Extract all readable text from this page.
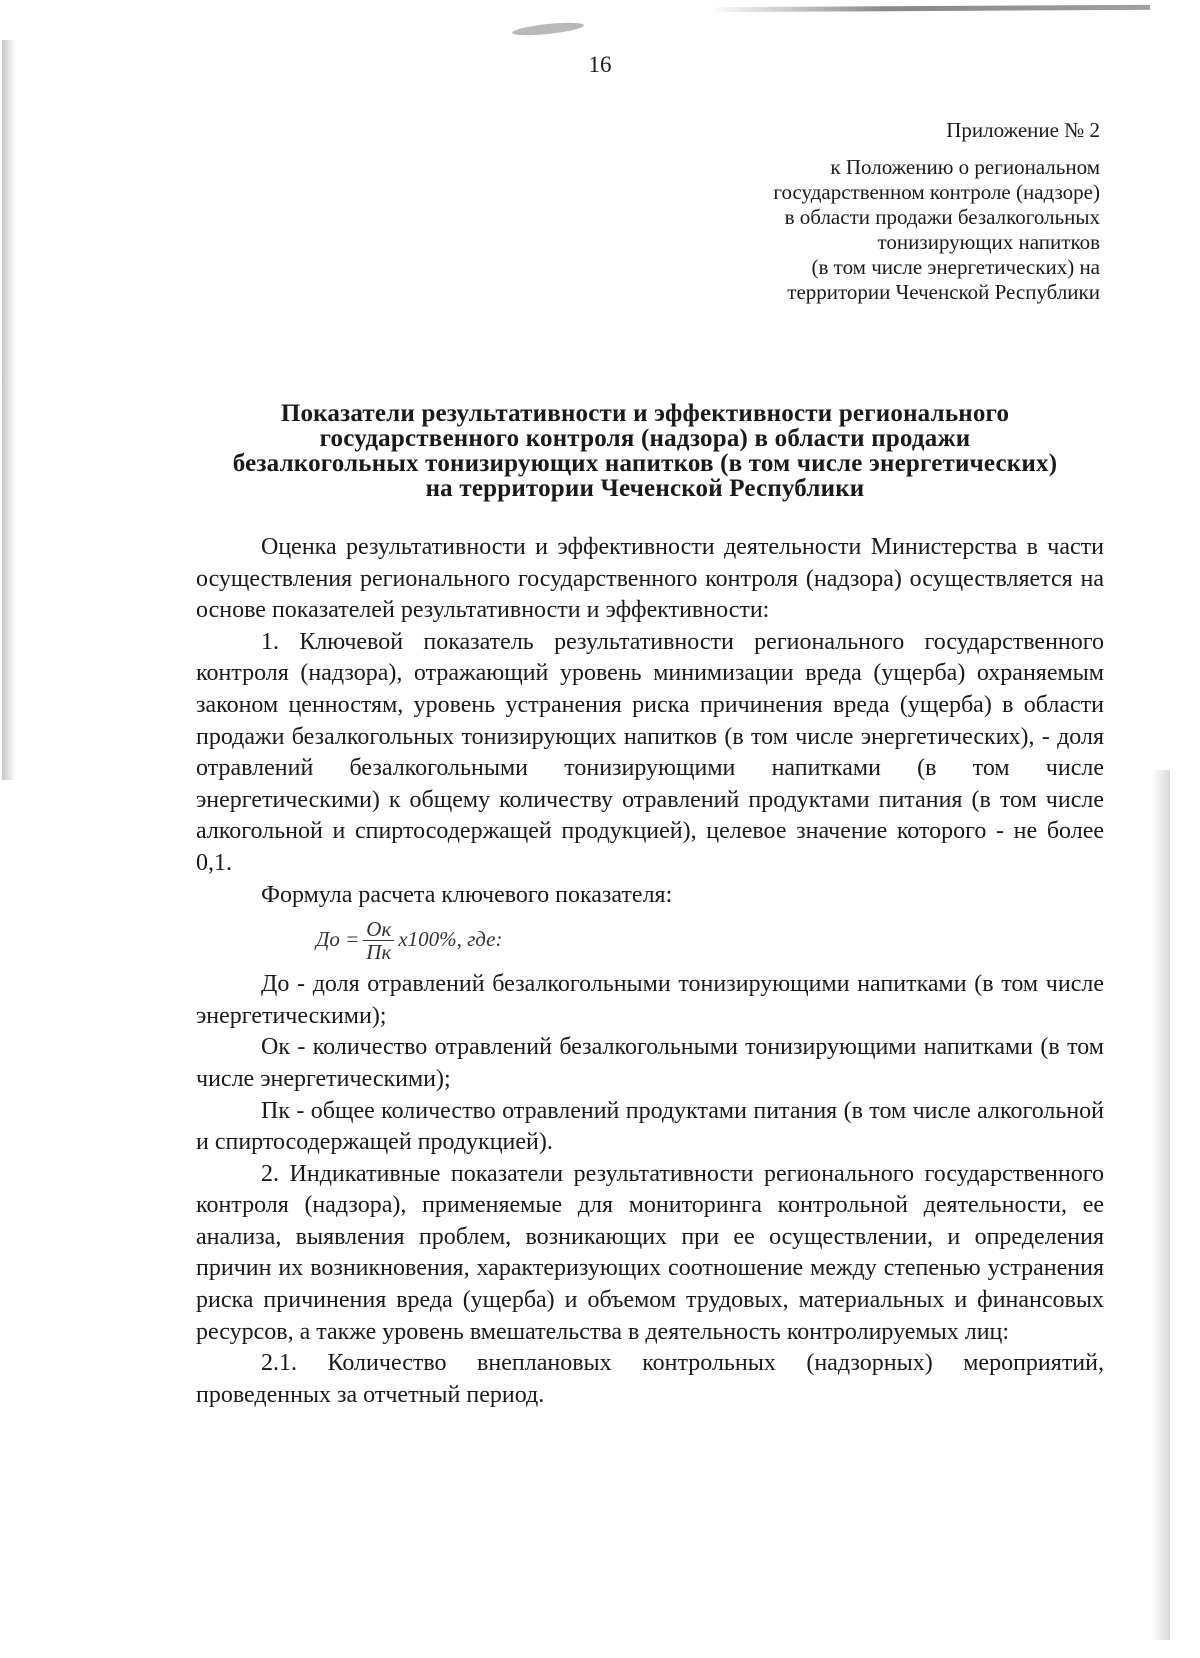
16
Приложение № 2
к Положению о региональном
государственном контроле (надзоре)
в области продажи безалкогольных
тонизирующих напитков
(в том числе энергетических) на
территории Чеченской Республики
Показатели результативности и эффективности регионального
государственного контроля (надзора) в области продажи
безалкогольных тонизирующих напитков (в том числе энергетических)
на территории Чеченской Республики

Оценка результативности и эффективности деятельности Министерства в части осуществления регионального государственного контроля (надзора) осуществляется на основе показателей результативности и эффективности:

1. Ключевой показатель результативности регионального государственного контроля (надзора), отражающий уровень минимизации вреда (ущерба) охраняемым законом ценностям, уровень устранения риска причинения вреда (ущерба) в области продажи безалкогольных тонизирующих напитков (в том числе энергетических), - доля отравлений безалкогольными тонизирующими напитками (в том числе энергетическими) к общему количеству отравлений продуктами питания (в том числе алкогольной и спиртосодержащей продукцией), целевое значение которого - не более 0,1.

Формула расчета ключевого показателя:

До = $\frac{Ок}{Пк} х100\%$, где:

До - доля отравлений безалкогольными тонизирующими напитками (в том числе энергетическими);

Ок - количество отравлений безалкогольными тонизирующими напитками (в том числе энергетическими);

Пк - общее количество отравлений продуктами питания (в том числе алкогольной и спиртосодержащей продукцией).

2. Индикативные показатели результативности регионального государственного контроля (надзора), применяемые для мониторинга контрольной деятельности, ее анализа, выявления проблем, возникающих при ее осуществлении, и определения причин их возникновения, характеризующих соотношение между степенью устранения риска причинения вреда (ущерба) и объемом трудовых, материальных и финансовых ресурсов, а также уровень вмешательства в деятельность контролируемых лиц:

2.1. Количество внеплановых контрольных (надзорных) мероприятий, проведенных за отчетный период.
